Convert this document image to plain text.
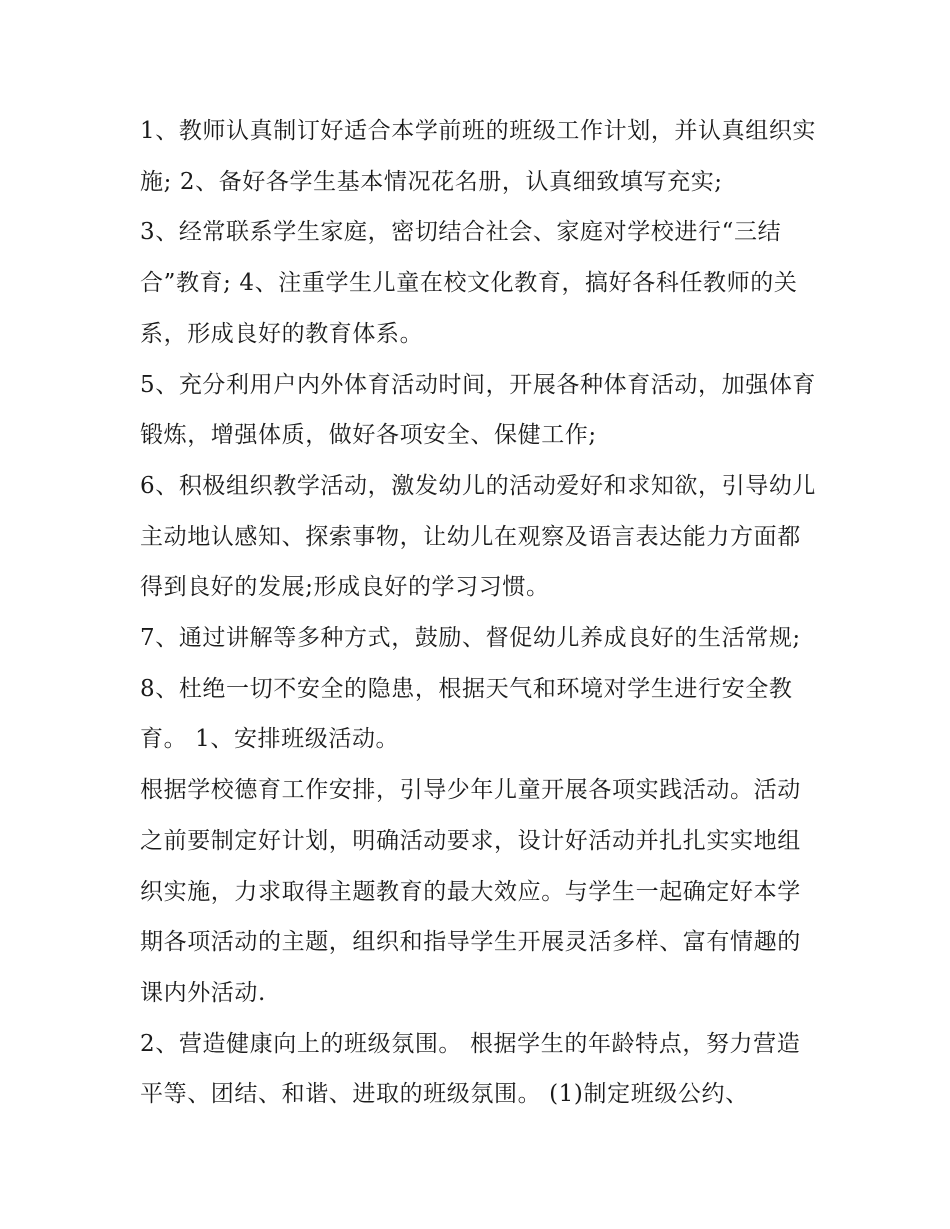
1、教师认真制订好适合本学前班的班级工作计划，并认真组织实施; 2、备好各学生基本情况花名册，认真细致填写充实;

3、经常联系学生家庭，密切结合社会、家庭对学校进行“三结合”教育; 4、注重学生儿童在校文化教育，搞好各科任教师的关系，形成良好的教育体系。

5、充分利用户内外体育活动时间，开展各种体育活动，加强体育锻炼，增强体质，做好各项安全、保健工作;

6、积极组织教学活动，激发幼儿的活动爱好和求知欲，引导幼儿主动地认感知、探索事物，让幼儿在观察及语言表达能力方面都得到良好的发展;形成良好的学习习惯。

7、通过讲解等多种方式，鼓励、督促幼儿养成良好的生活常规; 8、杜绝一切不安全的隐患，根据天气和环境对学生进行安全教育。 1、安排班级活动。

根据学校德育工作安排，引导少年儿童开展各项实践活动。活动之前要制定好计划，明确活动要求，设计好活动并扎扎实实地组织实施，力求取得主题教育的最大效应。与学生一起确定好本学期各项活动的主题，组织和指导学生开展灵活多样、富有情趣的课内外活动.

2、营造健康向上的班级氛围。 根据学生的年龄特点，努力营造平等、团结、和谐、进取的班级氛围。 (1)制定班级公约、
